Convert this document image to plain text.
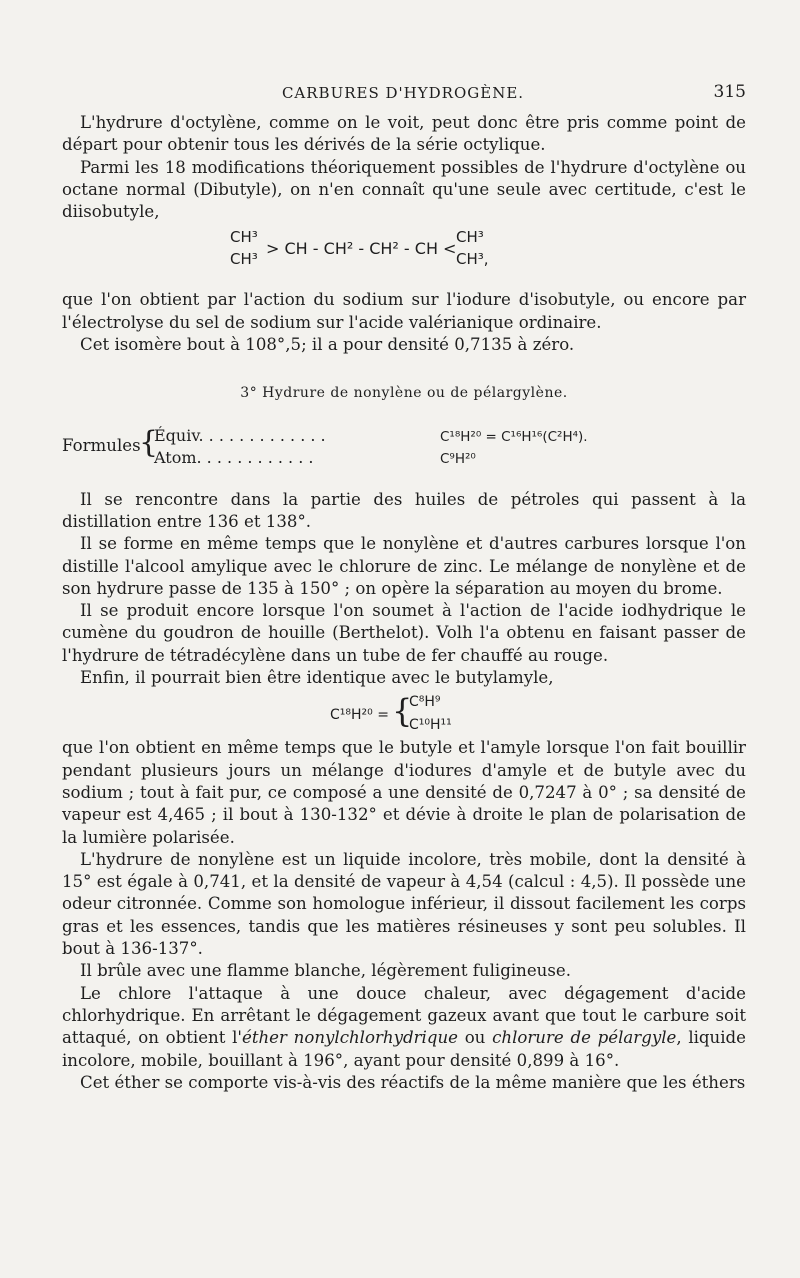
CARBURES D'HYDROGÈNE.	315

L'hydrure d'octylène, comme on le voit, peut donc être pris comme point de départ pour obtenir tous les dérivés de la série octylique.

Parmi les 18 modifications théoriquement possibles de l'hydrure d'octylène ou octane normal (Dibutyle), on n'en connaît qu'une seule avec certitude, c'est le diisobutyle,

CH³
CH³
> CH - CH² - CH² - CH <
CH³
CH³,

que l'on obtient par l'action du sodium sur l'iodure d'isobutyle, ou encore par l'électrolyse du sel de sodium sur l'acide valérianique ordinaire.

Cet isomère bout à 108°,5; il a pour densité 0,7135 à zéro.

3° Hydrure de nonylène ou de pélargylène.
Formules
{
Équiv. . . . . . . . . . . . .	C¹⁸H²⁰ = C¹⁶H¹⁶(C²H⁴).
Atom. . . . . . . . . . . .	C⁹H²⁰

Il se rencontre dans la partie des huiles de pétroles qui passent à la distillation entre 136 et 138°.

Il se forme en même temps que le nonylène et d'autres carbures lorsque l'on distille l'alcool amylique avec le chlorure de zinc. Le mélange de nonylène et de son hydrure passe de 135 à 150° ; on opère la séparation au moyen du brome.

Il se produit encore lorsque l'on soumet à l'action de l'acide iodhydrique le cumène du goudron de houille (Berthelot). Volh l'a obtenu en faisant passer de l'hydrure de tétradécylène dans un tube de fer chauffé au rouge.

Enfin, il pourrait bien être identique avec le butylamyle,

C¹⁸H²⁰ = {
C⁸H⁹
C¹⁰H¹¹

que l'on obtient en même temps que le butyle et l'amyle lorsque l'on fait bouillir pendant plusieurs jours un mélange d'iodures d'amyle et de butyle avec du sodium ; tout à fait pur, ce composé a une densité de 0,7247 à 0° ; sa densité de vapeur est 4,465 ; il bout à 130-132° et dévie à droite le plan de polarisation de la lumière polarisée.

L'hydrure de nonylène est un liquide incolore, très mobile, dont la densité à 15° est égale à 0,741, et la densité de vapeur à 4,54 (calcul : 4,5). Il possède une odeur citronnée. Comme son homologue inférieur, il dissout facilement les corps gras et les essences, tandis que les matières résineuses y sont peu solubles. Il bout à 136-137°.

Il brûle avec une flamme blanche, légèrement fuligineuse.

Le chlore l'attaque à une douce chaleur, avec dégagement d'acide chlorhydrique. En arrêtant le dégagement gazeux avant que tout le carbure soit attaqué, on obtient l'éther nonylchlorhydrique ou chlorure de pélargyle, liquide incolore, mobile, bouillant à 196°, ayant pour densité 0,899 à 16°.

Cet éther se comporte vis-à-vis des réactifs de la même manière que les éthers
